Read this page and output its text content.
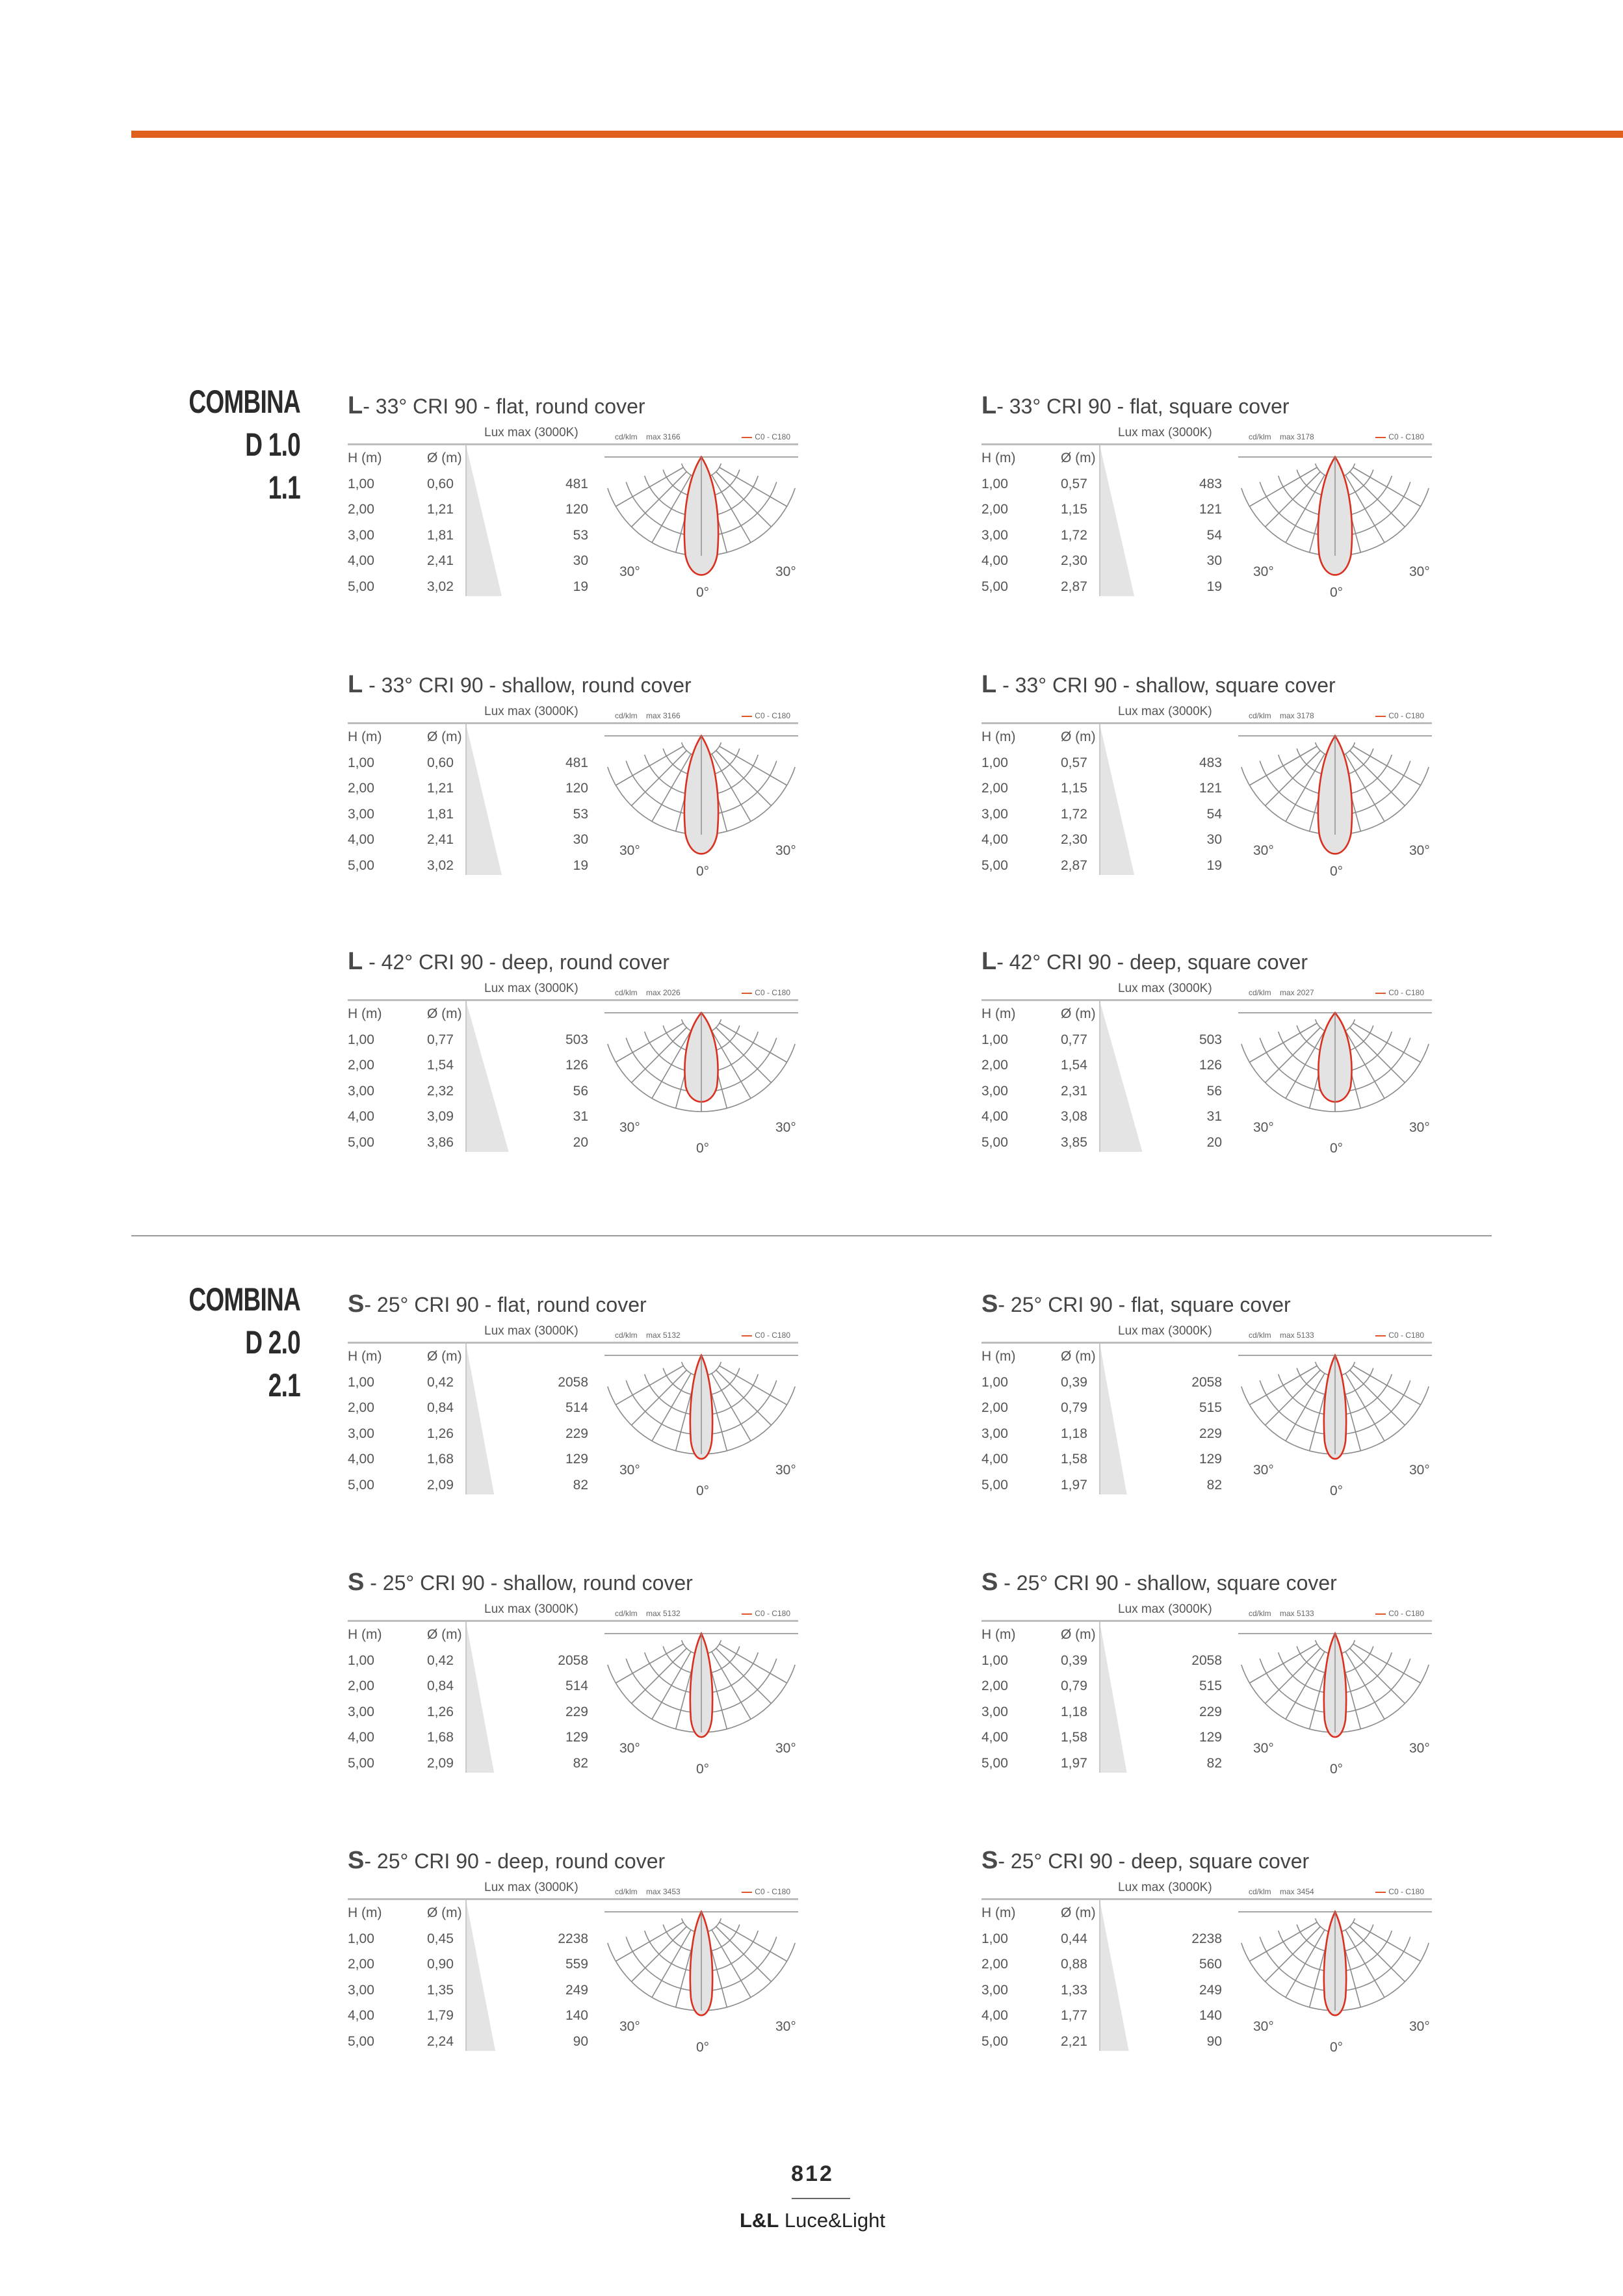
COMBINA D 1.0
1.1
COMBINA D 2.0
2.1
L- 33° CRI 90 - flat, round cover
Lux max (3000K)
H (m)	Ø (m)
1,00	0,60	481
2,00	1,21	120
3,00	1,81	53
4,00	2,41	30
5,00	3,02	19
cd/klm max 3166	C0 - C180
30°	30°
0°
L- 33° CRI 90 - flat, square cover
Lux max (3000K)
H (m)	Ø (m)
1,00	0,57	483
2,00	1,15	121
3,00	1,72	54
4,00	2,30	30
5,00	2,87	19
cd/klm max 3178	C0 - C180
30°	30°
0°
L - 33° CRI 90 - shallow, round cover
Lux max (3000K)
H (m)	Ø (m)
1,00	0,60	481
2,00	1,21	120
3,00	1,81	53
4,00	2,41	30
5,00	3,02	19
cd/klm max 3166	C0 - C180
30°	30°
0°
L - 33° CRI 90 - shallow, square cover
Lux max (3000K)
H (m)	Ø (m)
1,00	0,57	483
2,00	1,15	121
3,00	1,72	54
4,00	2,30	30
5,00	2,87	19
cd/klm max 3178	C0 - C180
30°	30°
0°
L - 42° CRI 90 - deep, round cover
Lux max (3000K)
H (m)	Ø (m)
1,00	0,77	503
2,00	1,54	126
3,00	2,32	56
4,00	3,09	31
5,00	3,86	20
cd/klm max 2026	C0 - C180
30°	30°
0°
L- 42° CRI 90 - deep, square cover
Lux max (3000K)
H (m)	Ø (m)
1,00	0,77	503
2,00	1,54	126
3,00	2,31	56
4,00	3,08	31
5,00	3,85	20
cd/klm max 2027	C0 - C180
30°	30°
0°
S- 25° CRI 90 - flat, round cover
Lux max (3000K)
H (m)	Ø (m)
1,00	0,42	2058
2,00	0,84	514
3,00	1,26	229
4,00	1,68	129
5,00	2,09	82
cd/klm max 5132	C0 - C180
30°	30°
0°
S- 25° CRI 90 - flat, square cover
Lux max (3000K)
H (m)	Ø (m)
1,00	0,39	2058
2,00	0,79	515
3,00	1,18	229
4,00	1,58	129
5,00	1,97	82
cd/klm max 5133	C0 - C180
30°	30°
0°
S - 25° CRI 90 - shallow, round cover
Lux max (3000K)
H (m)	Ø (m)
1,00	0,42	2058
2,00	0,84	514
3,00	1,26	229
4,00	1,68	129
5,00	2,09	82
cd/klm max 5132	C0 - C180
30°	30°
0°
S - 25° CRI 90 - shallow, square cover
Lux max (3000K)
H (m)	Ø (m)
1,00	0,39	2058
2,00	0,79	515
3,00	1,18	229
4,00	1,58	129
5,00	1,97	82
cd/klm max 5133	C0 - C180
30°	30°
0°
S- 25° CRI 90 - deep, round cover
Lux max (3000K)
H (m)	Ø (m)
1,00	0,45	2238
2,00	0,90	559
3,00	1,35	249
4,00	1,79	140
5,00	2,24	90
cd/klm max 3453	C0 - C180
30°	30°
0°
S- 25° CRI 90 - deep, square cover
Lux max (3000K)
H (m)	Ø (m)
1,00	0,44	2238
2,00	0,88	560
3,00	1,33	249
4,00	1,77	140
5,00	2,21	90
cd/klm max 3454	C0 - C180
30°	30°
0°
812
L&L Luce&Light
